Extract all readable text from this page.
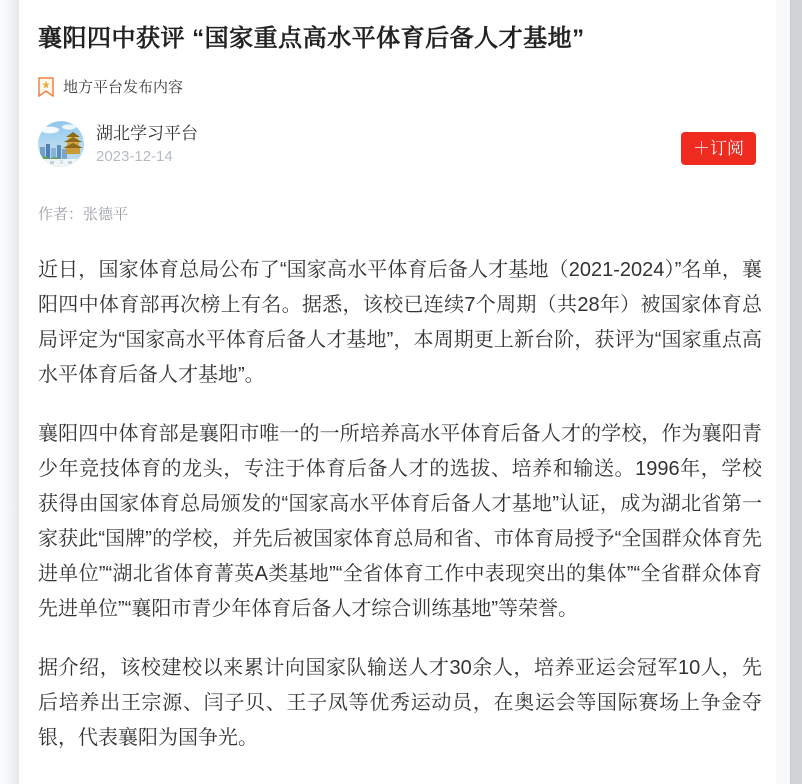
襄阳四中获评 “国家重点高水平体育后备人才基地”
地方平台发布内容
湖北学习平台
2023-12-14	＋订阅
作者：张德平

近日，国家体育总局公布了“国家高水平体育后备人才基地（2021-2024）”名单，襄阳四中体育部再次榜上有名。据悉，该校已连续7个周期（共28年）被国家体育总局评定为“国家高水平体育后备人才基地”，本周期更上新台阶，获评为“国家重点高水平体育后备人才基地”。

襄阳四中体育部是襄阳市唯一的一所培养高水平体育后备人才的学校，作为襄阳青少年竞技体育的龙头，专注于体育后备人才的选拔、培养和输送。1996年，学校获得由国家体育总局颁发的“国家高水平体育后备人才基地”认证，成为湖北省第一家获此“国牌”的学校，并先后被国家体育总局和省、市体育局授予“全国群众体育先进单位”“湖北省体育菁英A类基地”“全省体育工作中表现突出的集体”“全省群众体育先进单位”“襄阳市青少年体育后备人才综合训练基地”等荣誉。

据介绍，该校建校以来累计向国家队输送人才30余人，培养亚运会冠军10人，先后培养出王宗源、闫子贝、王子凤等优秀运动员，在奥运会等国际赛场上争金夺银，代表襄阳为国争光。
